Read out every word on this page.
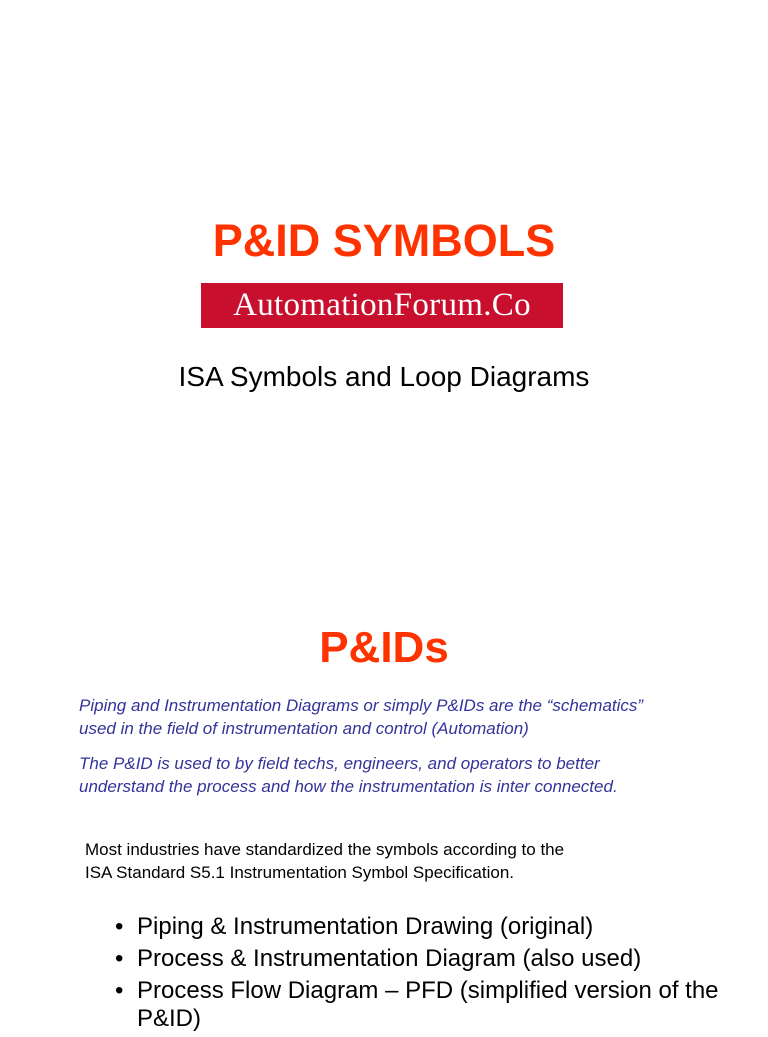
P&ID SYMBOLS
AutomationForum.Co

ISA Symbols and Loop Diagrams

P&IDs

Piping and Instrumentation Diagrams or simply P&IDs are the “schematics”
used in the field of instrumentation and control (Automation)

The P&ID is used to by field techs, engineers, and operators to better
understand the process and how the instrumentation is inter connected.

Most industries have standardized the symbols according to the
ISA Standard S5.1 Instrumentation Symbol Specification.

• Piping & Instrumentation Drawing (original)
• Process & Instrumentation Diagram (also used)
• Process Flow Diagram – PFD (simplified version of the P&ID)
